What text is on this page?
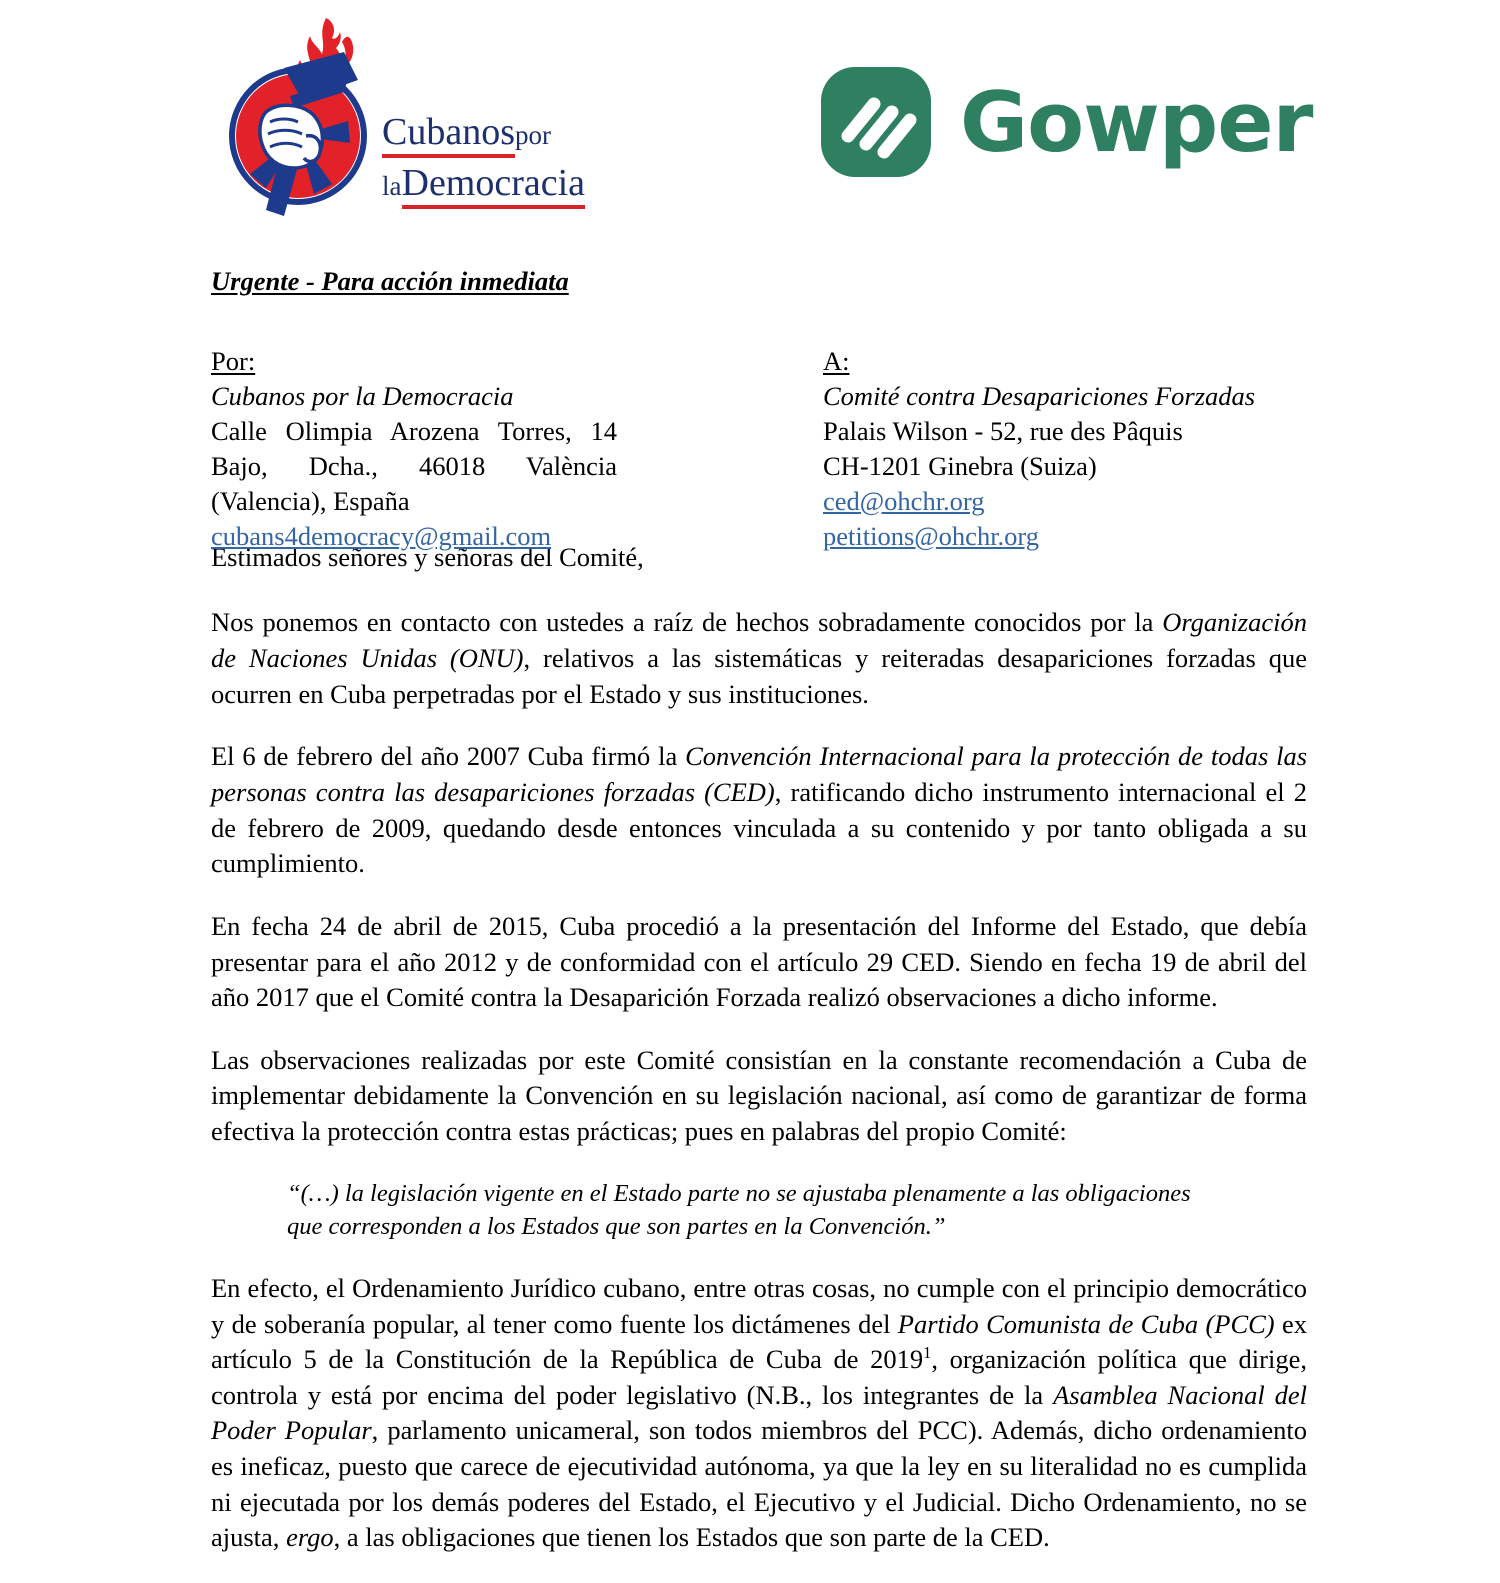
Cubanospor
laDemocracia
Gowper
Urgente - Para acción inmediata
Por:
Cubanos por la Democracia
Calle Olimpia Arozena Torres, 14 Bajo, Dcha., 46018 València (Valencia), España
cubans4democracy@gmail.com
A:
Comité contra Desapariciones Forzadas
Palais Wilson - 52, rue des Pâquis
CH-1201 Ginebra (Suiza)
ced@ohchr.org
petitions@ohchr.org

Estimados señores y señoras del Comité,

Nos ponemos en contacto con ustedes a raíz de hechos sobradamente conocidos por la Organización de Naciones Unidas (ONU), relativos a las sistemáticas y reiteradas desapariciones forzadas que ocurren en Cuba perpetradas por el Estado y sus instituciones.

El 6 de febrero del año 2007 Cuba firmó la Convención Internacional para la protección de todas las personas contra las desapariciones forzadas (CED), ratificando dicho instrumento internacional el 2 de febrero de 2009, quedando desde entonces vinculada a su contenido y por tanto obligada a su cumplimiento.

En fecha 24 de abril de 2015, Cuba procedió a la presentación del Informe del Estado, que debía presentar para el año 2012 y de conformidad con el artículo 29 CED. Siendo en fecha 19 de abril del año 2017 que el Comité contra la Desaparición Forzada realizó observaciones a dicho informe.

Las observaciones realizadas por este Comité consistían en la constante recomendación a Cuba de implementar debidamente la Convención en su legislación nacional, así como de garantizar de forma efectiva la protección contra estas prácticas; pues en palabras del propio Comité:

“(…) la legislación vigente en el Estado parte no se ajustaba plenamente a las obligaciones que corresponden a los Estados que son partes en la Convención.”

En efecto, el Ordenamiento Jurídico cubano, entre otras cosas, no cumple con el principio democrático y de soberanía popular, al tener como fuente los dictámenes del Partido Comunista de Cuba (PCC) ex artículo 5 de la Constitución de la República de Cuba de 2019$^1$, organización política que dirige, controla y está por encima del poder legislativo (N.B., los integrantes de la Asamblea Nacional del Poder Popular, parlamento unicameral, son todos miembros del PCC). Además, dicho ordenamiento es ineficaz, puesto que carece de ejecutividad autónoma, ya que la ley en su literalidad no es cumplida ni ejecutada por los demás poderes del Estado, el Ejecutivo y el Judicial. Dicho Ordenamiento, no se ajusta, ergo, a las obligaciones que tienen los Estados que son parte de la CED.
